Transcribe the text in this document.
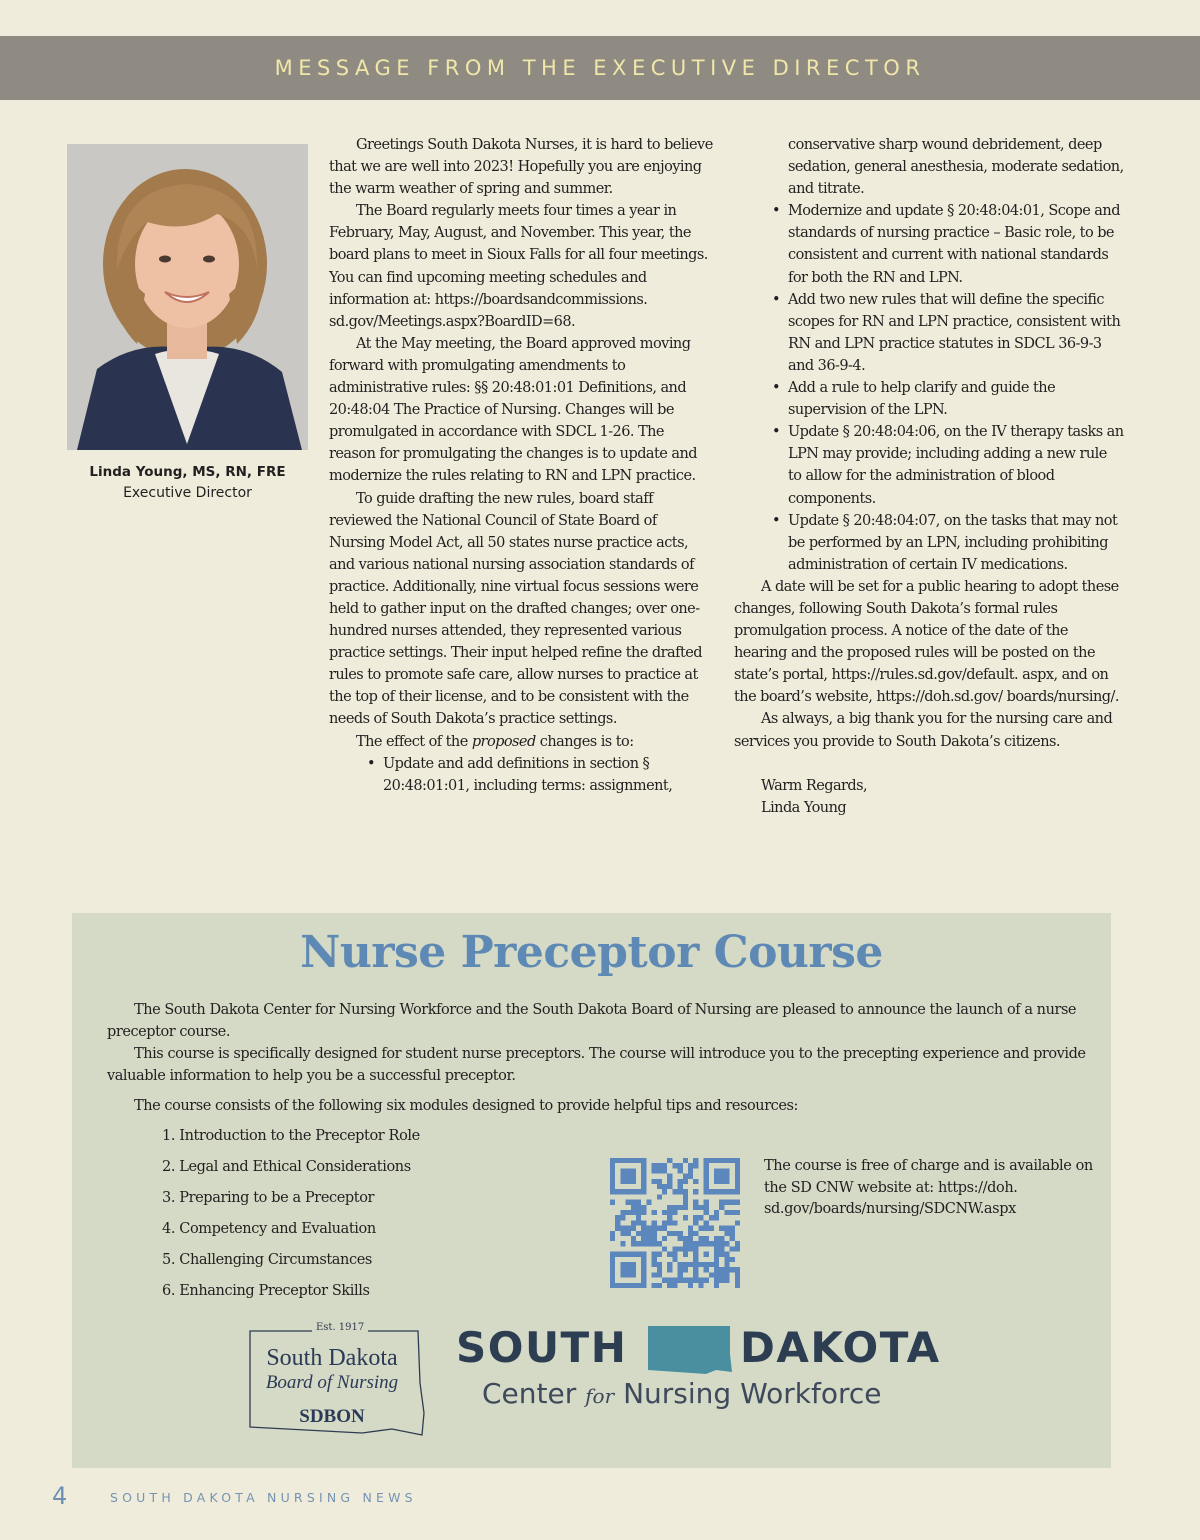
MESSAGE FROM THE EXECUTIVE DIRECTOR
Linda Young, MS, RN, FRE
Executive Director

Greetings South Dakota Nurses, it is hard to believe that we are well into 2023! Hopefully you are enjoying the warm weather of spring and summer.

The Board regularly meets four times a year in February, May, August, and November. This year, the board plans to meet in Sioux Falls for all four meetings. You can find upcoming meeting schedules and information at: https://boardsandcommissions. sd.gov/Meetings.aspx?BoardID=68.

At the May meeting, the Board approved moving forward with promulgating amendments to administrative rules: §§ 20:48:01:01 Definitions, and 20:48:04 The Practice of Nursing. Changes will be promulgated in accordance with SDCL 1-26. The reason for promulgating the changes is to update and modernize the rules relating to RN and LPN practice.

To guide drafting the new rules, board staff reviewed the National Council of State Board of Nursing Model Act, all 50 states nurse practice acts, and various national nursing association standards of practice. Additionally, nine virtual focus sessions were held to gather input on the drafted changes; over one-hundred nurses attended, they represented various practice settings. Their input helped refine the drafted rules to promote safe care, allow nurses to practice at the top of their license, and to be consistent with the needs of South Dakota’s practice settings.

The effect of the proposed changes is to:

• Update and add definitions in section § 20:48:01:01, including terms: assignment,
conservative sharp wound debridement, deep sedation, general anesthesia, moderate sedation, and titrate.
• Modernize and update § 20:48:04:01, Scope and standards of nursing practice – Basic role, to be consistent and current with national standards for both the RN and LPN.
• Add two new rules that will define the specific scopes for RN and LPN practice, consistent with RN and LPN practice statutes in SDCL 36-9-3 and 36-9-4.
• Add a rule to help clarify and guide the supervision of the LPN.
• Update § 20:48:04:06, on the IV therapy tasks an LPN may provide; including adding a new rule to allow for the administration of blood components.
• Update § 20:48:04:07, on the tasks that may not be performed by an LPN, including prohibiting administration of certain IV medications.

A date will be set for a public hearing to adopt these changes, following South Dakota’s formal rules promulgation process. A notice of the date of the hearing and the proposed rules will be posted on the state’s portal, https://rules.sd.gov/default. aspx, and on the board’s website, https://doh.sd.gov/ boards/nursing/.

As always, a big thank you for the nursing care and services you provide to South Dakota’s citizens.

Warm Regards,
Linda Young
Nurse Preceptor Course

The South Dakota Center for Nursing Workforce and the South Dakota Board of Nursing are pleased to announce the launch of a nurse preceptor course.

This course is specifically designed for student nurse preceptors. The course will introduce you to the precepting experience and provide valuable information to help you be a successful preceptor.

The course consists of the following six modules designed to provide helpful tips and resources:

1. Introduction to the Preceptor Role
2. Legal and Ethical Considerations
3. Preparing to be a Preceptor
4. Competency and Evaluation
5. Challenging Circumstances
6. Enhancing Preceptor Skills
The course is free of charge and is available on the SD CNW website at: https://doh. sd.gov/boards/nursing/SDCNW.aspx
Est. 1917
South Dakota
Board of Nursing
SDBON
SOUTH	DAKOTA
Center for Nursing Workforce
4	SOUTH DAKOTA NURSING NEWS
